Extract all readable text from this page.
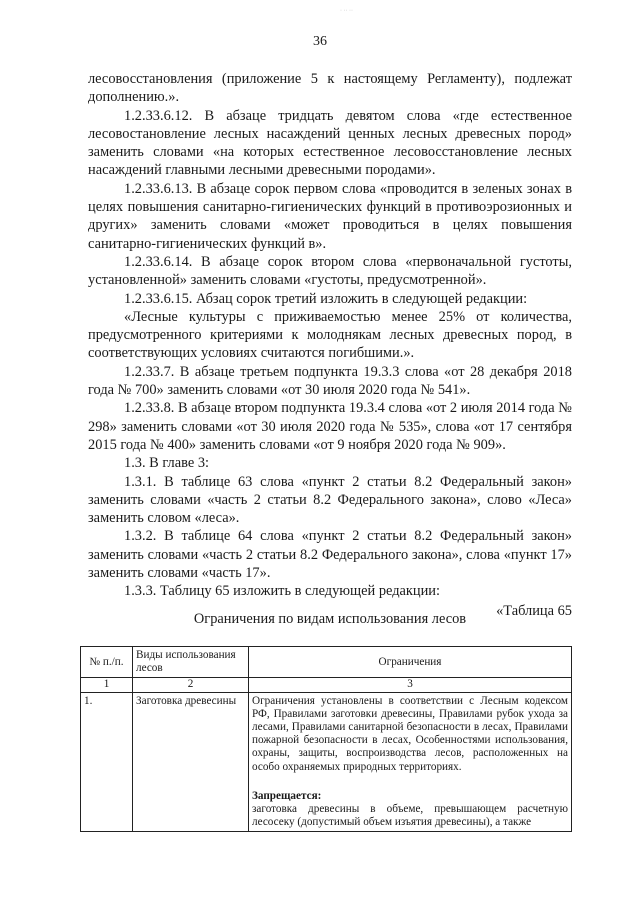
· ·· ··
36

лесовосстановления (приложение 5 к настоящему Регламенту), подлежат дополнению.».

1.2.33.6.12. В абзаце тридцать девятом слова «где естественное лесовостановление лесных насаждений ценных лесных древесных пород» заменить словами «на которых естественное лесовосстановление лесных насаждений главными лесными древесными породами».

1.2.33.6.13. В абзаце сорок первом слова «проводится в зеленых зонах в целях повышения санитарно-гигиенических функций в противоэрозионных и других» заменить словами «может проводиться в целях повышения санитарно-гигиенических функций в».

1.2.33.6.14. В абзаце сорок втором слова «первоначальной густоты, установленной» заменить словами «густоты, предусмотренной».

1.2.33.6.15. Абзац сорок третий изложить в следующей редакции:

«Лесные культуры с приживаемостью менее 25% от количества, предусмотренного критериями к молоднякам лесных древесных пород, в соответствующих условиях считаются погибшими.».

1.2.33.7. В абзаце третьем подпункта 19.3.3 слова «от 28 декабря 2018 года № 700» заменить словами «от 30 июля 2020 года № 541».

1.2.33.8. В абзаце втором подпункта 19.3.4 слова «от 2 июля 2014 года № 298» заменить словами «от 30 июля 2020 года № 535», слова «от 17 сентября 2015 года № 400» заменить словами «от 9 ноября 2020 года № 909».

1.3. В главе 3:

1.3.1. В таблице 63 слова «пункт 2 статьи 8.2 Федеральный закон» заменить словами «часть 2 статьи 8.2 Федерального закона», слово «Леса» заменить словом «леса».

1.3.2. В таблице 64 слова «пункт 2 статьи 8.2 Федеральный закон» заменить словами «часть 2 статьи 8.2 Федерального закона», слова «пункт 17» заменить словами «часть 17».

1.3.3. Таблицу 65 изложить в следующей редакции:

«Таблица 65

Ограничения по видам использования лесов
№ п./п.	Виды использования лесов	Ограничения
1	2	3
1.	Заготовка древесины	Ограничения установлены в соответствии с Лесным кодексом РФ, Правилами заготовки древесины, Правилами рубок ухода за лесами, Правилами санитарной безопасности в лесах, Правилами пожарной безопасности в лесах, Особенностями использования, охраны, защиты, воспроизводства лесов, расположенных на особо охраняемых природных территориях.
Запрещается:
заготовка древесины в объеме, превышающем расчетную лесосеку (допустимый объем изъятия древесины), а также
